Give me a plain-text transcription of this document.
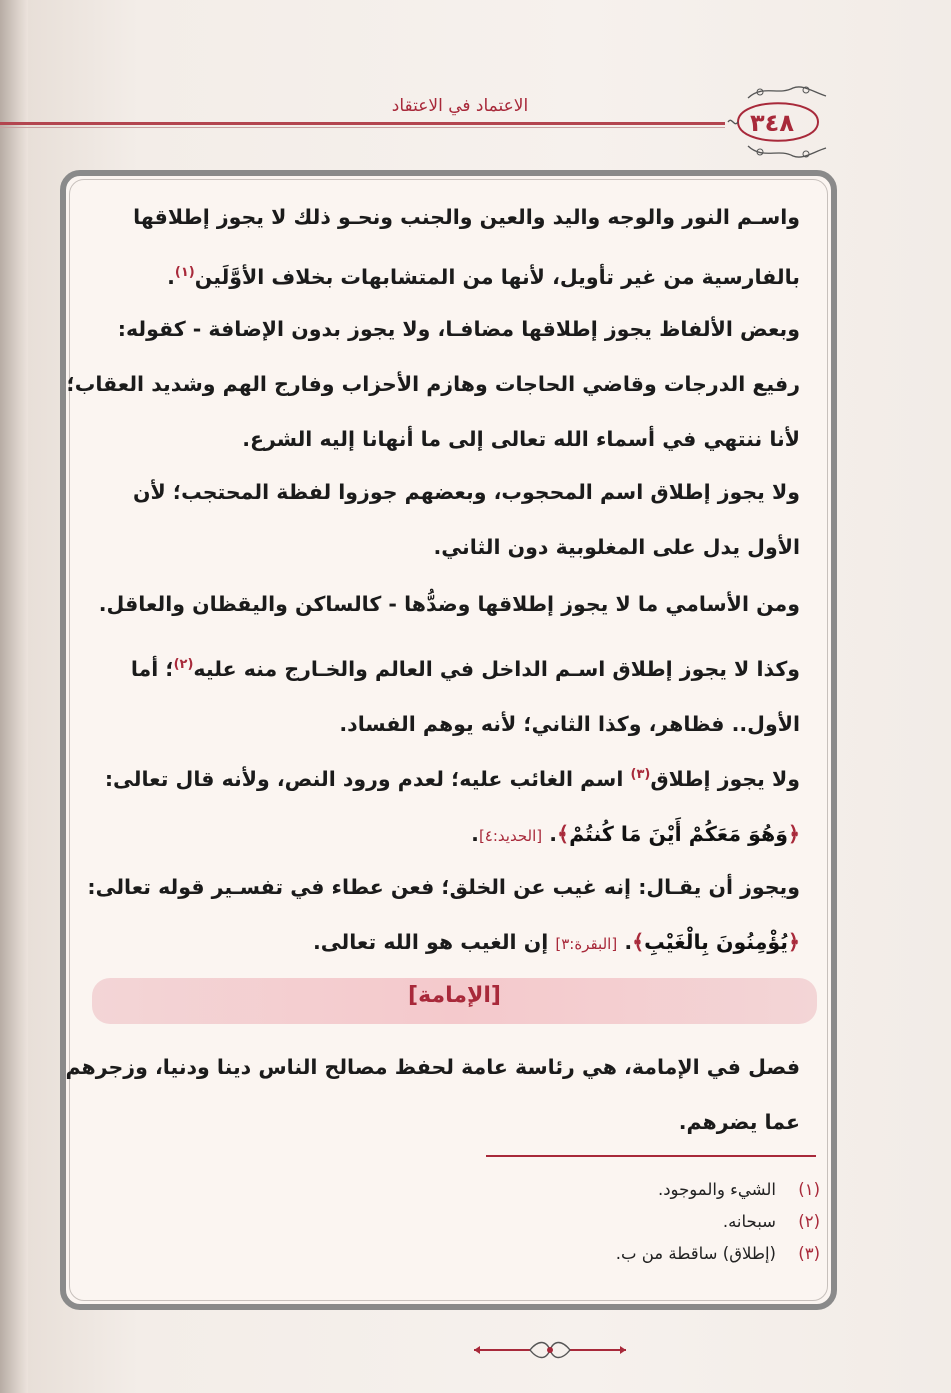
الاعتماد في الاعتقاد
٣٤٨
واسـم النور والوجه واليد والعين والجنب ونحـو ذلك لا يجوز إطلاقها
بالفارسية من غير تأويل، لأنها من المتشابهات بخلاف الأوَّلَين$^{(١)}$.
وبعض الألفاظ يجوز إطلاقها مضافـا، ولا يجوز بدون الإضافة - كقوله:
رفيع الدرجات وقاضي الحاجات وهازم الأحزاب وفارج الهم وشديد العقاب؛
لأنا ننتهي في أسماء الله تعالى إلى ما أنهانا إليه الشرع.
ولا يجوز إطلاق اسم المحجوب، وبعضهم جوزوا لفظة المحتجب؛ لأن
الأول يدل على المغلوبية دون الثاني.
ومن الأسامي ما لا يجوز إطلاقها وضدُّها - كالساكن واليقظان والعاقل.
وكذا لا يجوز إطلاق اسـم الداخل في العالم والخـارج منه عليه$^{(٢)}$؛ أما
الأول.. فظاهر، وكذا الثاني؛ لأنه يوهم الفساد.
ولا يجوز إطلاق$^{(٣)}$ اسم الغائب عليه؛ لعدم ورود النص، ولأنه قال تعالى:
﴿وَهُوَ مَعَكُمْ أَيْنَ مَا كُنتُمْ﴾. [الحديد:٤].
ويجوز أن يقـال: إنه غيب عن الخلق؛ فعن عطاء في تفسـير قوله تعالى:
﴿يُؤْمِنُونَ بِالْغَيْبِ﴾. [البقرة:٣] إن الغيب هو الله تعالى.
[الإمامة]
فصل في الإمامة، هي رئاسة عامة لحفظ مصالح الناس دينا ودنيا، وزجرهم
عما يضرهم.
(١)الشيء والموجود.
(٢)سبحانه.
(٣)(إطلاق) ساقطة من ب.
